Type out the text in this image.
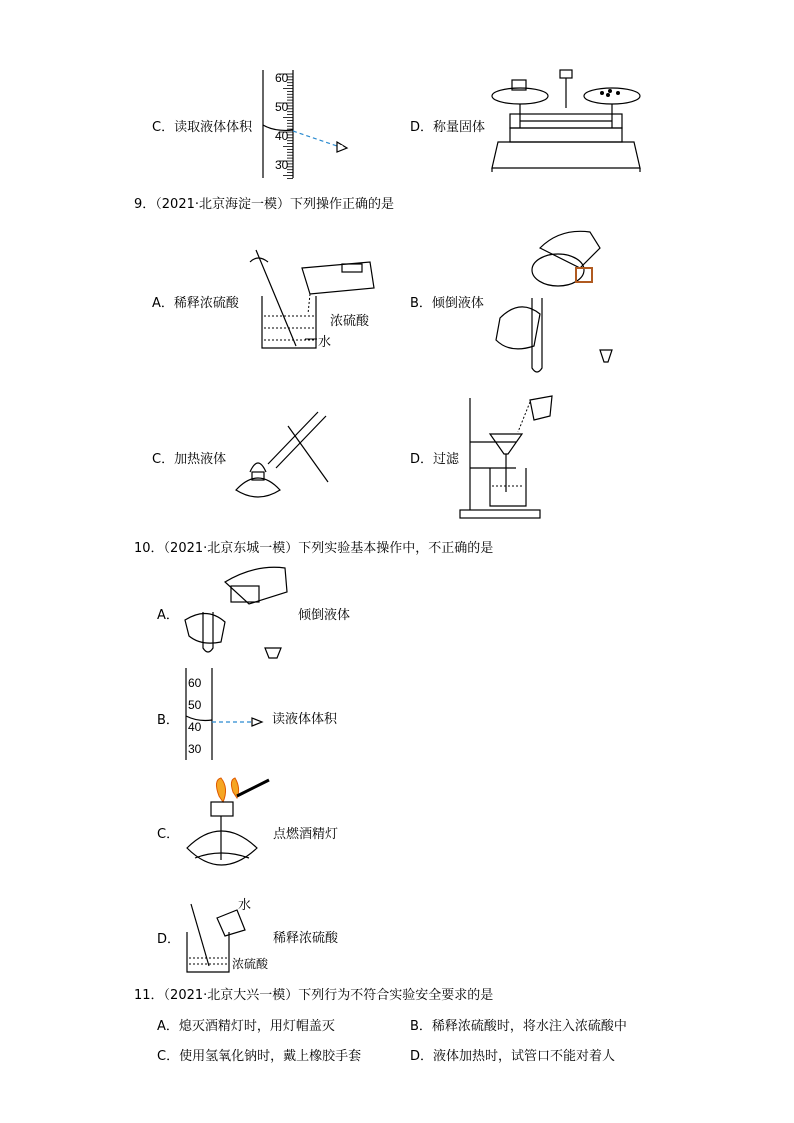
C．读取液体体积
60
50
40
30
D．称量固体
9．（2021·北京海淀一模）下列操作正确的是
A．稀释浓硫酸
浓硫酸
水
B．倾倒液体
C．加热液体	D．过滤
10．（2021·北京东城一模）下列实验基本操作中，不正确的是
A．	倾倒液体
B．
60
50
40
30
读液体体积
C．	点燃酒精灯
D．
水
稀释浓硫酸
浓硫酸
11．（2021·北京大兴一模）下列行为不符合实验安全要求的是
A．熄灭酒精灯时，用灯帽盖灭	B．稀释浓硫酸时，将水注入浓硫酸中
C．使用氢氧化钠时，戴上橡胶手套	D．液体加热时，试管口不能对着人
